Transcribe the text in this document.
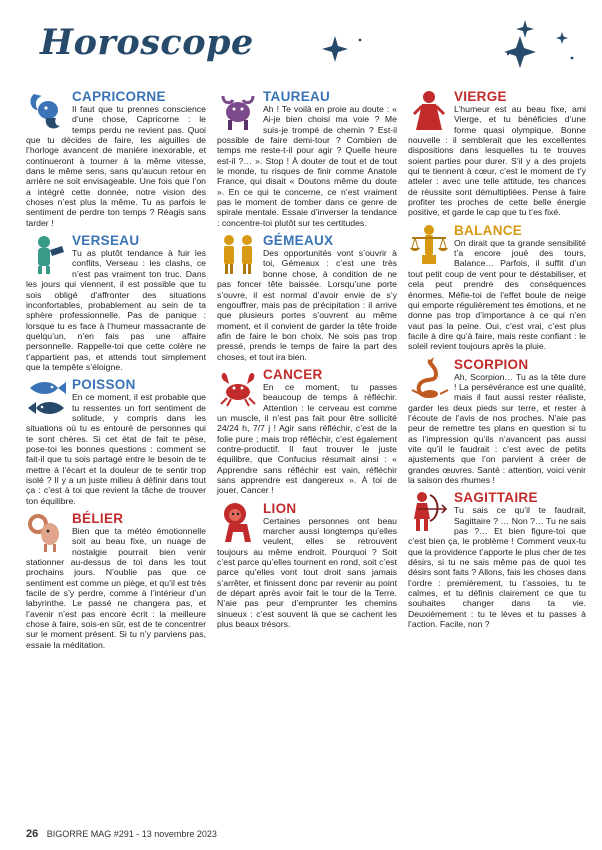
Horoscope
CAPRICORNE

Il faut que tu prennes conscience d’une chose, Capricorne : le temps perdu ne revient pas. Quoi que tu décides de faire, les aiguilles de l’horloge avancent de manière inexorable, et continueront à tourner à la même vitesse, dans le même sens, sans qu’aucun retour en arrière ne soit envisageable. Une fois que l’on a intégré cette donnée, notre vision des choses n’est plus la même. Tu as parfois le sentiment de perdre ton temps ? Réagis sans tarder !

VERSEAU

Tu as plutôt tendance à fuir les conflits, Verseau : les clashs, ce n’est pas vraiment ton truc. Dans les jours qui viennent, il est possible que tu sois obligé d’affronter des situations inconfortables, probablement au sein de ta sphère professionnelle. Pas de panique : lorsque tu es face à l’humeur massacrante de quelqu’un, n’en fais pas une affaire personnelle. Rappelle-toi que cette colère ne t’appartient pas, et attends tout simplement que la tempête s’éloigne.

POISSON

En ce moment, il est probable que tu ressentes un fort sentiment de solitude, y compris dans les situations où tu es entouré de personnes qui te sont chères. Si cet état de fait te pèse, pose-toi les bonnes questions : comment se fait-il que tu sois partagé entre le besoin de te mettre à l’écart et la douleur de te sentir trop isolé ? Il y a un juste milieu à définir dans tout ça : c’est à toi que revient la tâche de trouver ton équilibre.

BÉLIER

Bien que ta météo émotionnelle soit au beau fixe, un nuage de nostalgie pourrait bien venir stationner au-dessus de toi dans les tout prochains jours. N’oublie pas que ce sentiment est comme un piège, et qu’il est très facile de s’y perdre, comme à l’intérieur d’un labyrinthe. Le passé ne changera pas, et l’avenir n’est pas encore écrit : la meilleure chose à faire, sois-en sûr, est de te concentrer sur le moment présent. Si tu n’y parviens pas, essaie la méditation.

TAUREAU

Ah ! Te voilà en proie au doute : « Ai-je bien choisi ma voie ? Me suis-je trompé de chemin ? Est-il possible de faire demi-tour ? Combien de temps me reste-t-il pour agir ? Quelle heure est-il ?… ». Stop ! À douter de tout et de tout le monde, tu risques de finir comme Anatole France, qui disait « Doutons même du doute ». En ce qui te concerne, ce n’est vraiment pas le moment de tomber dans ce genre de spirale mentale. Essaie d’inverser la tendance : concentre-toi plutôt sur tes certitudes.

GÉMEAUX

Des opportunités vont s’ouvrir à toi, Gémeaux : c’est une très bonne chose, à condition de ne pas foncer tête baissée. Lorsqu’une porte s’ouvre, il est normal d’avoir envie de s’y engouffrer, mais pas de précipitation : il arrive que plusieurs portes s’ouvrent au même moment, et il convient de garder la tête froide afin de faire le bon choix. Ne sois pas trop pressé, prends le temps de faire la part des choses, et tout ira bien.

CANCER

En ce moment, tu passes beaucoup de temps à réfléchir. Attention : le cerveau est comme un muscle, il n’est pas fait pour être sollicité 24/24 h, 7/7 j ! Agir sans réfléchir, c’est de la folie pure ; mais trop réfléchir, c’est également contre-productif. Il faut trouver le juste équilibre, que Confucius résumait ainsi : « Apprendre sans réfléchir est vain, réfléchir sans apprendre est dangereux ». À toi de jouer, Cancer !

LION

Certaines personnes ont beau marcher aussi longtemps qu’elles veulent, elles se retrouvent toujours au même endroit. Pourquoi ? Soit c’est parce qu’elles tournent en rond, soit c’est parce qu’elles vont tout droit sans jamais s’arrêter, et finissent donc par revenir au point de départ après avoir fait le tour de la Terre. N’aie pas peur d’emprunter les chemins sinueux : c’est souvent là que se cachent les plus beaux trésors.

VIERGE

L’humeur est au beau fixe, ami Vierge, et tu bénéficies d’une forme quasi olympique. Bonne nouvelle : il semblerait que les excellentes dispositions dans lesquelles tu te trouves soient parties pour durer. S’il y a des projets qui te tiennent à cœur, c’est le moment de t’y atteler : avec une telle attitude, tes chances de réussite sont démultipliées. Pense à faire profiter tes proches de cette belle énergie positive, et garde le cap que tu t’es fixé.

BALANCE

On dirait que ta grande sensibilité t’a encore joué des tours, Balance… Parfois, il suffit d’un tout petit coup de vent pour te déstabiliser, et cela peut prendre des conséquences énormes. Méfie-toi de l’effet boule de neige qui emporte régulièrement tes émotions, et ne donne pas trop d’importance à ce qui n’en vaut pas la peine. Oui, c’est vrai, c’est plus facile à dire qu’à faire, mais reste confiant : le soleil revient toujours après la pluie.

SCORPION

Ah, Scorpion… Tu as la tête dure ! La persévérance est une qualité, mais il faut aussi rester réaliste, garder les deux pieds sur terre, et rester à l’écoute de l’avis de nos proches. N’aie pas peur de remettre tes plans en question si tu as l’impression qu’ils n’avancent pas aussi vite qu’il le faudrait : c’est avec de petits ajustements que l’on parvient à créer de grandes œuvres. Santé : attention, voici venir la saison des rhumes !

SAGITTAIRE

Tu sais ce qu’il te faudrait, Sagittaire ? … Non ?… Tu ne sais pas ?… Et bien figure-toi que c’est bien ça, le problème ! Comment veux-tu que la providence t’apporte le plus cher de tes désirs, si tu ne sais même pas de quoi tes désirs sont faits ? Allons, fais les choses dans l’ordre : premièrement, tu t’assoies, tu te calmes, et tu définis clairement ce que tu souhaites changer dans ta vie. Deuxièmement : tu te lèves et tu passes à l’action. Facile, non ?

26 BIGORRE MAG #291 - 13 novembre 2023
